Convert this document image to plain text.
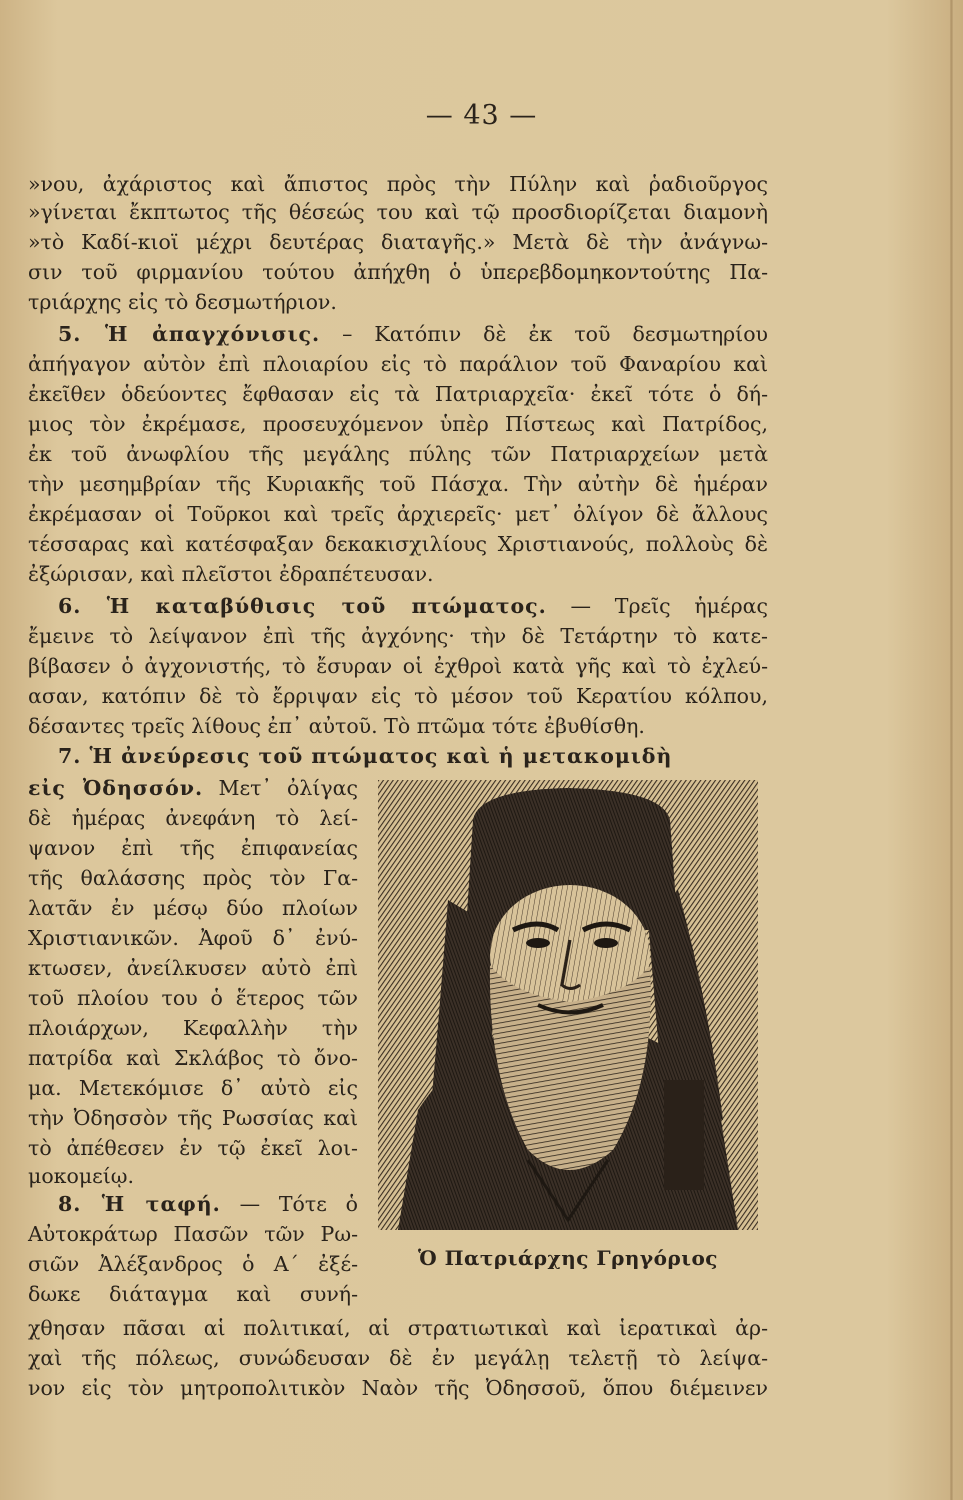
— 43 —
»νου, ἀχάριστος καὶ ἄπιστος πρὸς τὴν Πύλην καὶ ῥαδιοῦργος
»γίνεται ἔκπτωτος τῆς θέσεώς του καὶ τῷ προσδιορίζεται διαμονὴ
»τὸ Καδί-κιοϊ μέχρι δευτέρας διαταγῆς.» Μετὰ δὲ τὴν ἀνάγνω-
σιν τοῦ φιρμανίου τούτου ἀπήχθη ὁ ὑπερεβδομηκοντούτης Πα-
τριάρχης εἰς τὸ δεσμωτήριον.
5. Ἡ ἀπαγχόνισις. – Κατόπιν δὲ ἐκ τοῦ δεσμωτηρίου
ἀπήγαγον αὐτὸν ἐπὶ πλοιαρίου εἰς τὸ παράλιον τοῦ Φαναρίου καὶ
ἐκεῖθεν ὁδεύοντες ἔφθασαν εἰς τὰ Πατριαρχεῖα· ἐκεῖ τότε ὁ δή-
μιος τὸν ἐκρέμασε, προσευχόμενον ὑπὲρ Πίστεως καὶ Πατρίδος,
ἐκ τοῦ ἀνωφλίου τῆς μεγάλης πύλης τῶν Πατριαρχείων μετὰ
τὴν μεσημβρίαν τῆς Κυριακῆς τοῦ Πάσχα. Τὴν αὐτὴν δὲ ἡμέραν
ἐκρέμασαν οἱ Τοῦρκοι καὶ τρεῖς ἀρχιερεῖς· μετ᾽ ὀλίγον δὲ ἄλλους
τέσσαρας καὶ κατέσφαξαν δεκακισχιλίους Χριστιανούς, πολλοὺς δὲ
ἐξώρισαν, καὶ πλεῖστοι ἐδραπέτευσαν.
6. Ἡ καταβύθισις τοῦ πτώματος. — Τρεῖς ἡμέρας
ἔμεινε τὸ λείψανον ἐπὶ τῆς ἀγχόνης· τὴν δὲ Τετάρτην τὸ κατε-
βίβασεν ὁ ἀγχονιστής, τὸ ἔσυραν οἱ ἐχθροὶ κατὰ γῆς καὶ τὸ ἐχλεύ-
ασαν, κατόπιν δὲ τὸ ἔρριψαν εἰς τὸ μέσον τοῦ Κερατίου κόλπου,
δέσαντες τρεῖς λίθους ἐπ᾽ αὐτοῦ. Τὸ πτῶμα τότε ἐβυθίσθη.
7. Ἡ ἀνεύρεσις τοῦ πτώματος καὶ ἡ μετακομιδὴ
εἰς Ὀδησσόν. Μετ᾽ ὀλίγας
δὲ ἡμέρας ἀνεφάνη τὸ λεί-
ψανον ἐπὶ τῆς ἐπιφανείας
τῆς θαλάσσης πρὸς τὸν Γα-
λατᾶν ἐν μέσῳ δύο πλοίων
Χριστιανικῶν. Ἀφοῦ δ᾽ ἐνύ-
κτωσεν, ἀνείλκυσεν αὐτὸ ἐπὶ
τοῦ πλοίου του ὁ ἕτερος τῶν
πλοιάρχων, Κεφαλλὴν τὴν
πατρίδα καὶ Σκλάβος τὸ ὄνο-
μα. Μετεκόμισε δ᾽ αὐτὸ εἰς
τὴν Ὀδησσὸν τῆς Ρωσσίας καὶ
τὸ ἀπέθεσεν ἐν τῷ ἐκεῖ λοι-
μοκομείῳ.
8. Ἡ ταφή. — Τότε ὁ
Αὐτοκράτωρ Πασῶν τῶν Ρω-
σιῶν Ἀλέξανδρος ὁ Α´ ἐξέ-
δωκε διάταγμα καὶ συνή-
χθησαν πᾶσαι αἱ πολιτικαί, αἱ στρατιωτικαὶ καὶ ἱερατικαὶ ἀρ-
χαὶ τῆς πόλεως, συνώδευσαν δὲ ἐν μεγάλῃ τελετῇ τὸ λείψα-
νον εἰς τὸν μητροπολιτικὸν Ναὸν τῆς Ὀδησσοῦ, ὅπου διέμεινεν
Ὁ Πατριάρχης Γρηγόριος
